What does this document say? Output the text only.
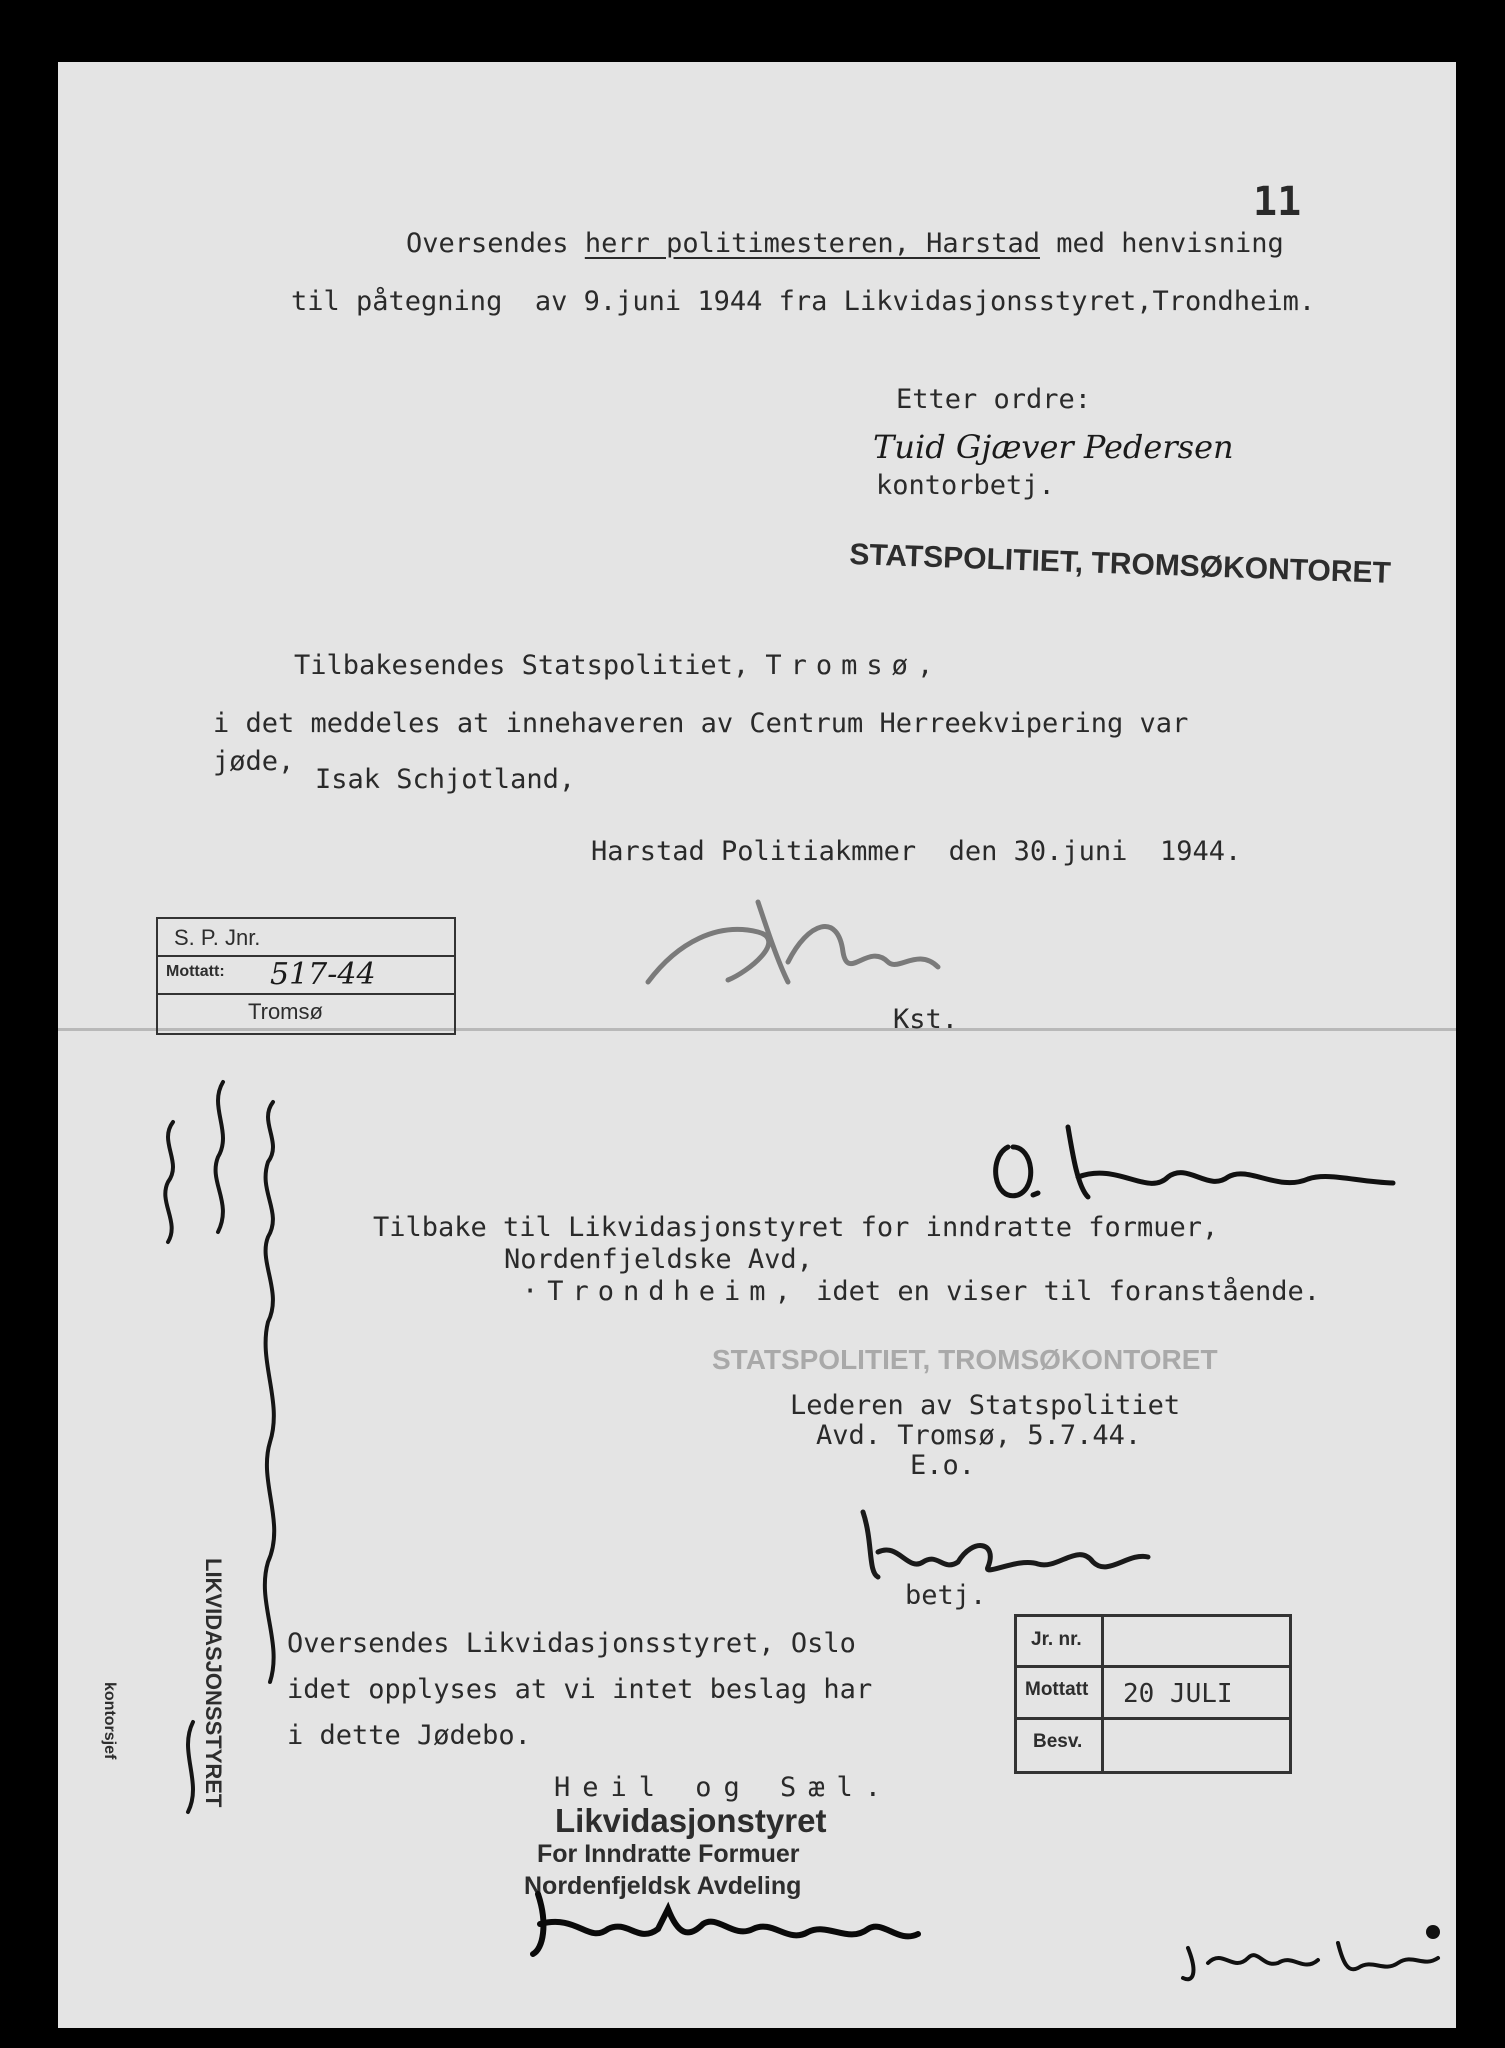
11
Oversendes herr politimesteren, Harstad med henvisning
til påtegning  av 9.juni 1944 fra Likvidasjonsstyret,Trondheim.
Etter ordre:
Tuid Gjæver Pedersen
kontorbetj.
STATSPOLITIET, TROMSØKONTORET
Tilbakesendes Statspolitiet, Tromsø,
i det meddeles at innehaveren av Centrum Herreekvipering var
jøde,
Isak Schjotland,
Harstad Politiakmmer  den 30.juni  1944.
S. P. Jnr.
Mottatt: 517-44
Tromsø	Kst.
Tilbake til Likvidasjonstyret for inndratte formuer,
Nordenfjeldske Avd,
·Trondheim, idet en viser til foranstående.
STATSPOLITIET, TROMSØKONTORET
Lederen av Statspolitiet
Avd. Tromsø, 5.7.44.
E.o.
betj.
Oversendes Likvidasjonsstyret, Oslo
idet opplyses at vi intet beslag har
i dette Jødebo.
Heil og Sæl.
Likvidasjonstyret
For Inndratte Formuer
Nordenfjeldsk Avdeling
Jr. nr.
Mottatt 20 JULI
Besv.
LIKVIDASJONSSTYRET
kontorsjef
